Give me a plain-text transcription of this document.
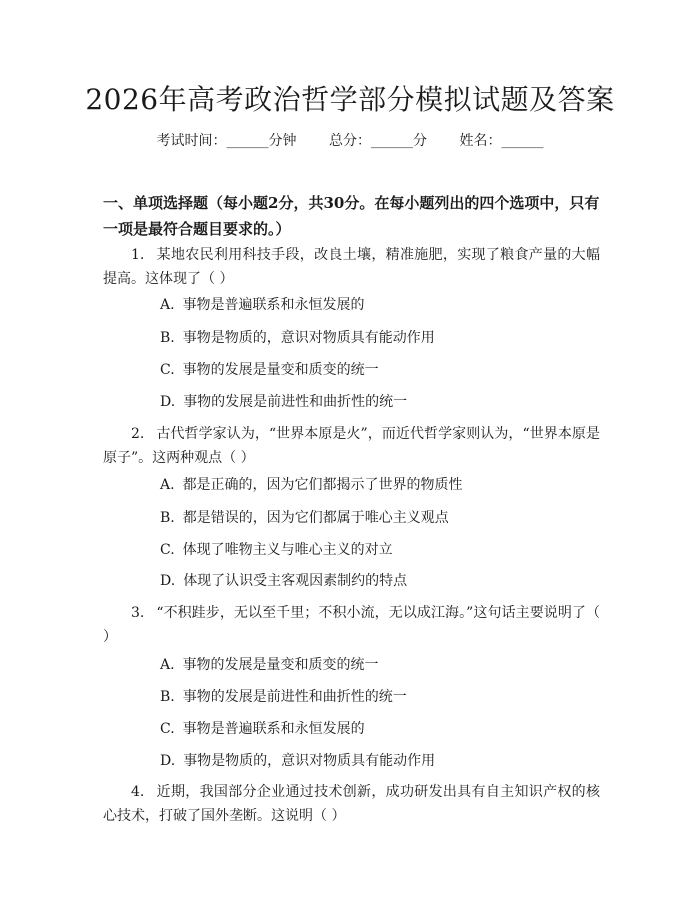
2026年高考政治哲学部分模拟试题及答案
考试时间：______分钟 总分：______分 姓名：______
一、单项选择题（每小题2分，共30分。在每小题列出的四个选项中，只有一项是最符合题目要求的。）
1. 某地农民利用科技手段，改良土壤，精准施肥，实现了粮食产量的大幅提高。这体现了（ ）
A. 事物是普遍联系和永恒发展的
B. 事物是物质的，意识对物质具有能动作用
C. 事物的发展是量变和质变的统一
D. 事物的发展是前进性和曲折性的统一
2. 古代哲学家认为，“世界本原是火”，而近代哲学家则认为，“世界本原是原子”。这两种观点（ ）
A. 都是正确的，因为它们都揭示了世界的物质性
B. 都是错误的，因为它们都属于唯心主义观点
C. 体现了唯物主义与唯心主义的对立
D. 体现了认识受主客观因素制约的特点
3. “不积跬步，无以至千里；不积小流，无以成江海。”这句话主要说明了（ ）
A. 事物的发展是量变和质变的统一
B. 事物的发展是前进性和曲折性的统一
C. 事物是普遍联系和永恒发展的
D. 事物是物质的，意识对物质具有能动作用
4. 近期，我国部分企业通过技术创新，成功研发出具有自主知识产权的核心技术，打破了国外垄断。这说明（ ）
